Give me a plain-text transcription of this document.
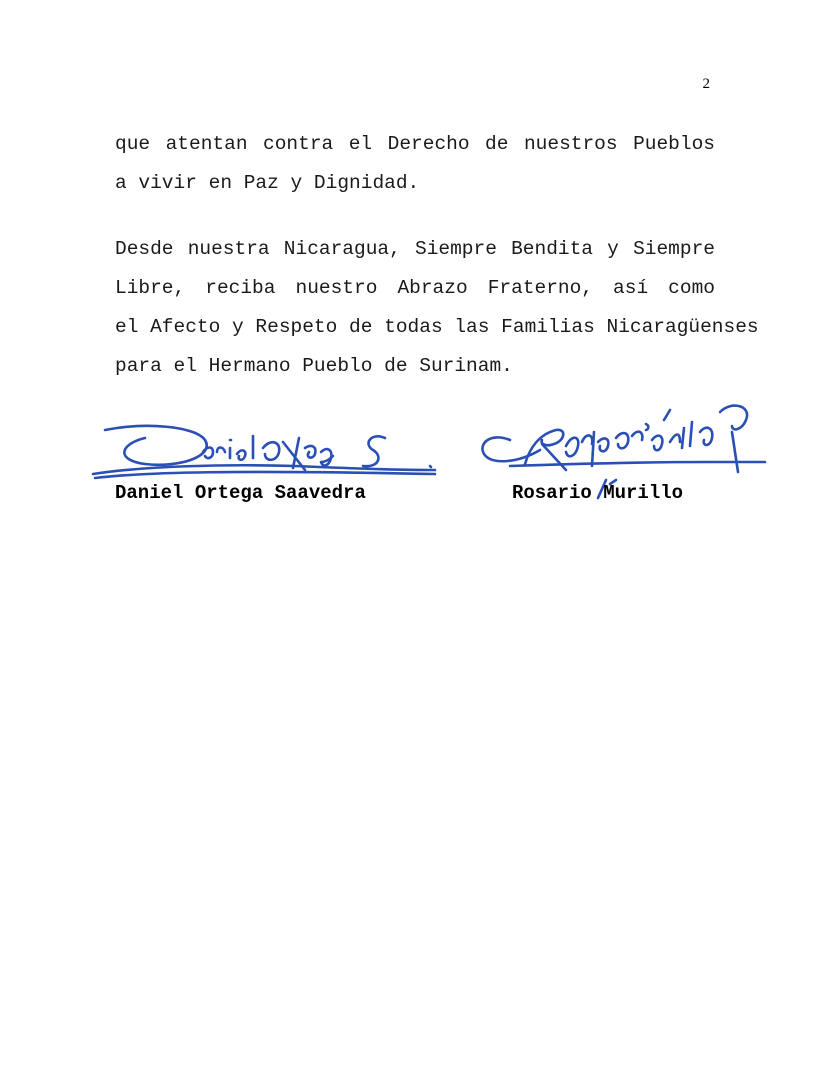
2
que atentan contra el Derecho de nuestros Pueblos
a vivir en Paz y Dignidad.
Desde nuestra Nicaragua, Siempre Bendita y Siempre
Libre, reciba nuestro Abrazo Fraterno, así como
el Afecto y Respeto de todas las Familias Nicaragüenses
para el Hermano Pueblo de Surinam.
Daniel Ortega Saavedra	Rosario Murillo
